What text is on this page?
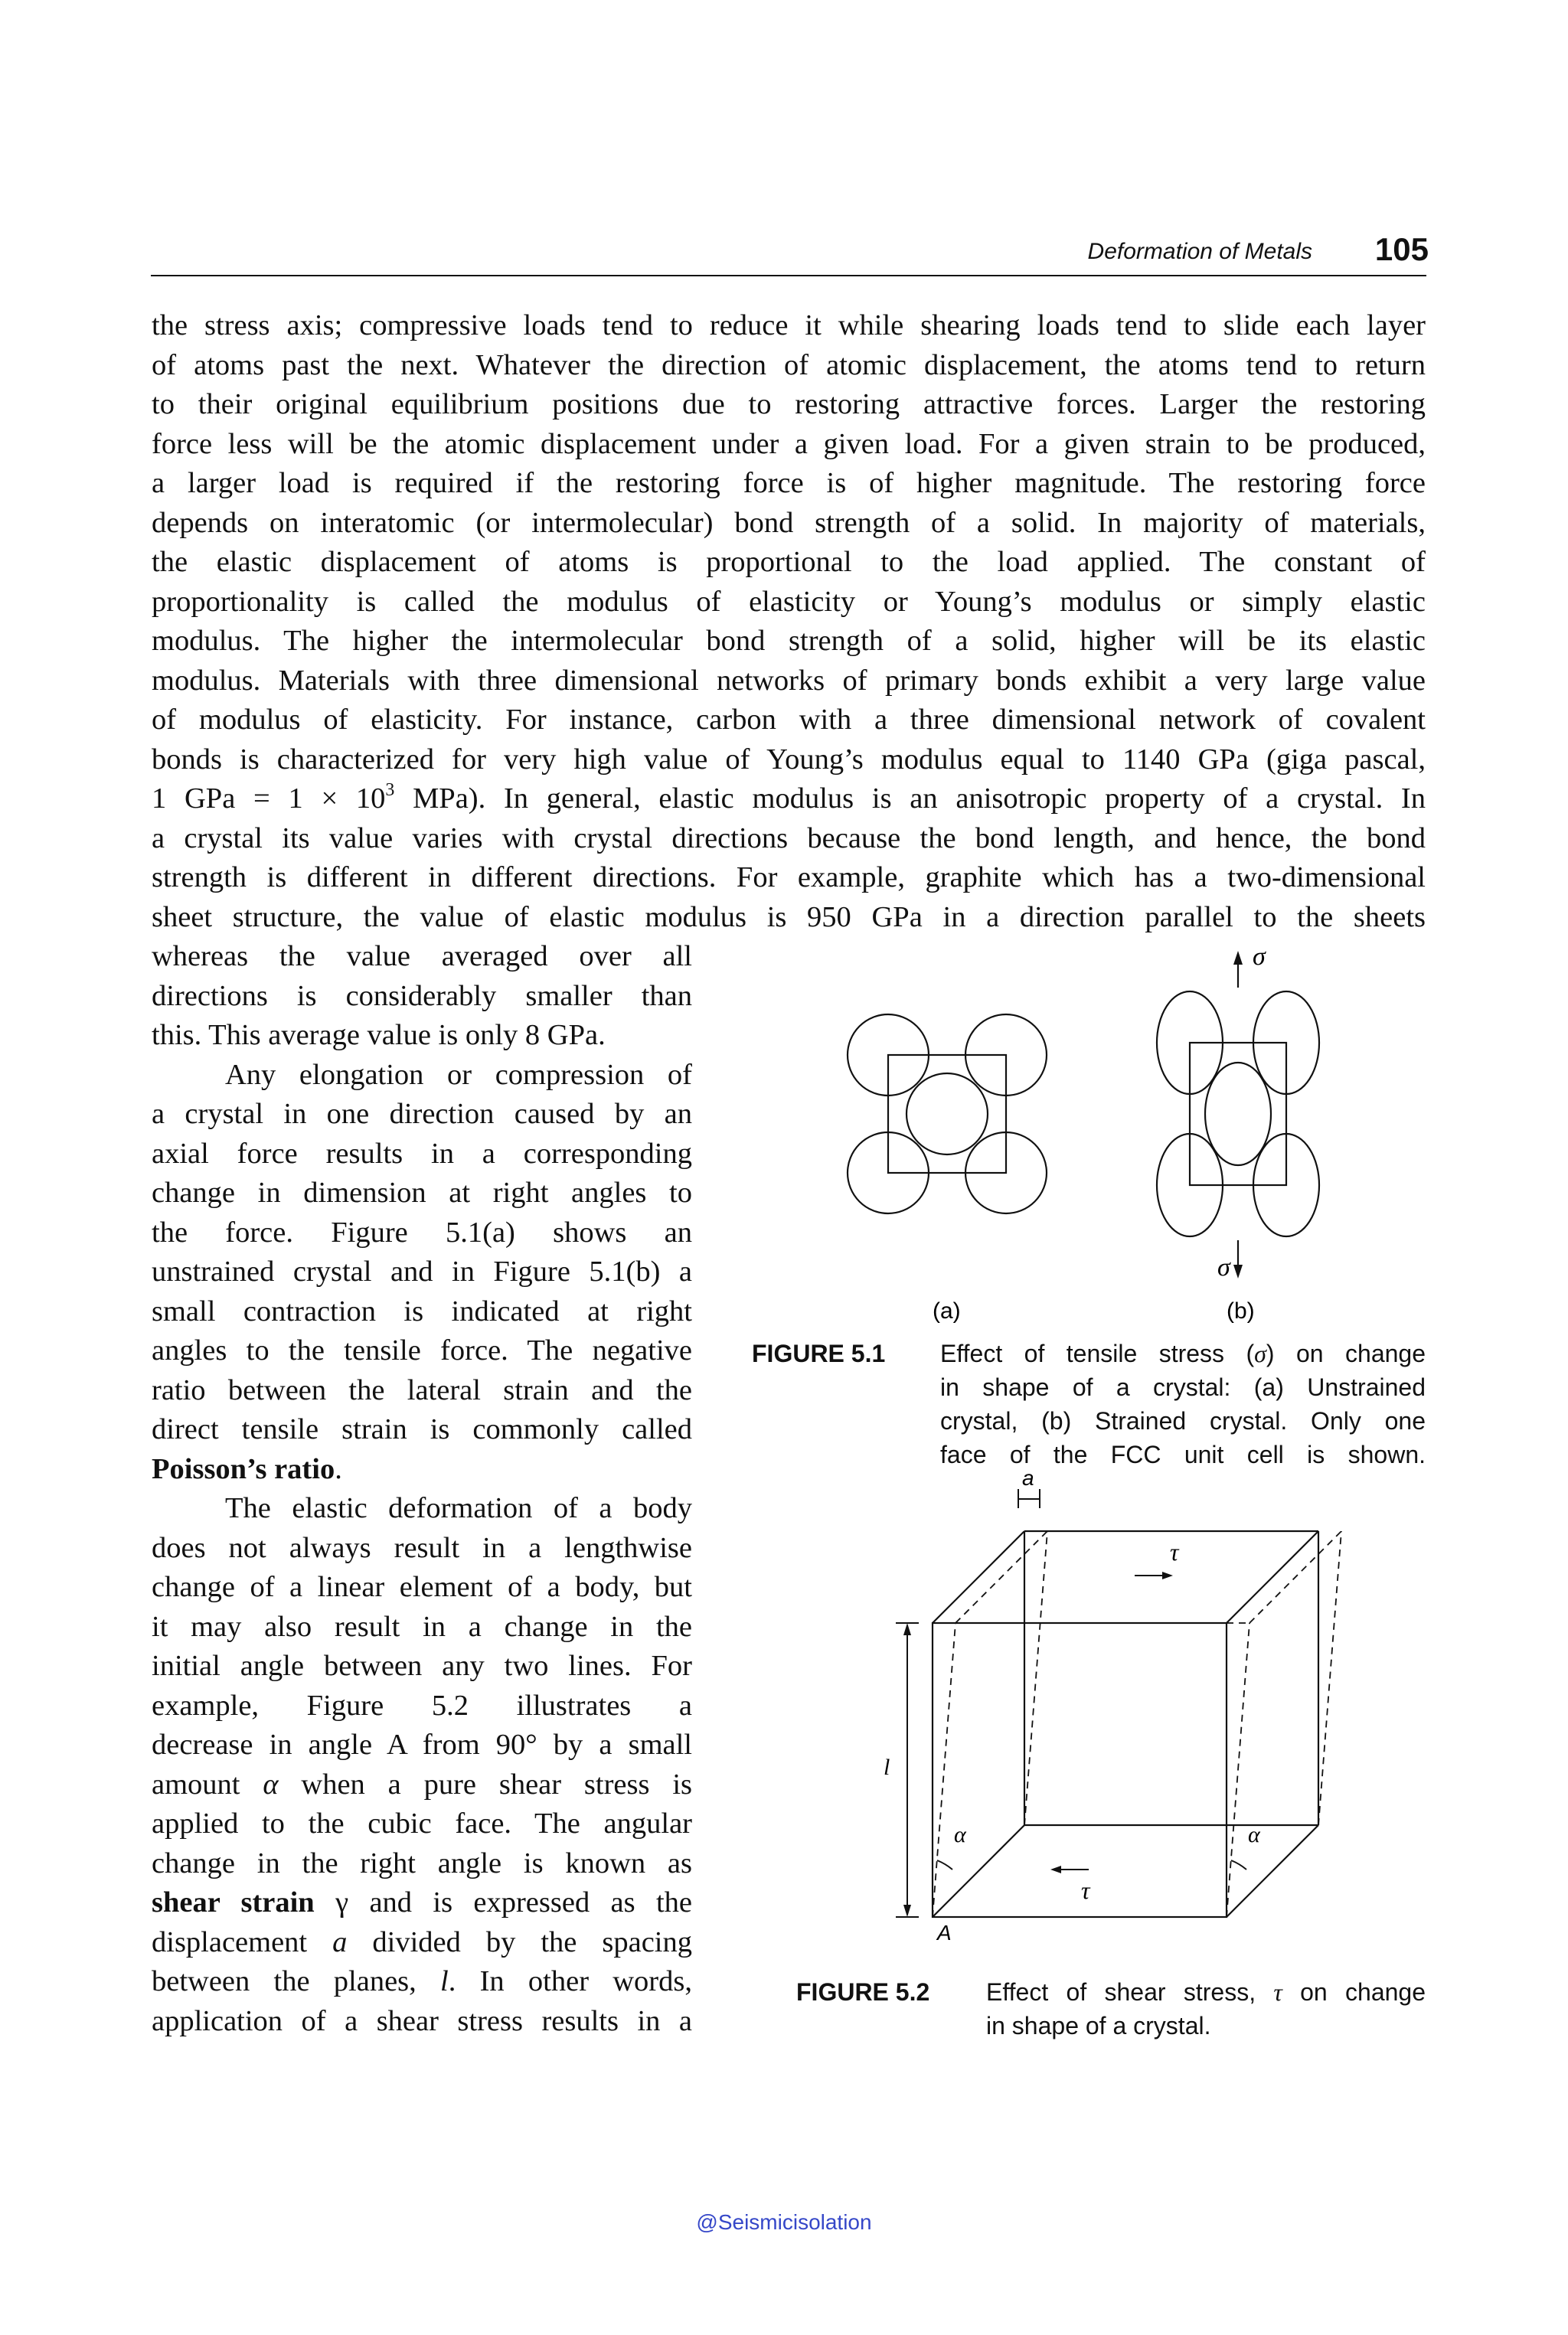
Deformation of Metals 105
the stress axis; compressive loads tend to reduce it while shearing loads tend to slide each layer
of atoms past the next. Whatever the direction of atomic displacement, the atoms tend to return
to their original equilibrium positions due to restoring attractive forces. Larger the restoring
force less will be the atomic displacement under a given load. For a given strain to be produced,
a larger load is required if the restoring force is of higher magnitude. The restoring force
depends on interatomic (or intermolecular) bond strength of a solid. In majority of materials,
the elastic displacement of atoms is proportional to the load applied. The constant of
proportionality is called the modulus of elasticity or Young’s modulus or simply elastic
modulus. The higher the intermolecular bond strength of a solid, higher will be its elastic
modulus. Materials with three dimensional networks of primary bonds exhibit a very large value
of modulus of elasticity. For instance, carbon with a three dimensional network of covalent
bonds is characterized for very high value of Young’s modulus equal to 1140 GPa (giga pascal,
1 GPa = $1 \times 10^3$ MPa). In general, elastic modulus is an anisotropic property of a crystal. In
a crystal its value varies with crystal directions because the bond length, and hence, the bond
strength is different in different directions. For example, graphite which has a two-dimensional
sheet structure, the value of elastic modulus is 950 GPa in a direction parallel to the sheets
whereas the value averaged over all
directions is considerably smaller than
this. This average value is only 8 GPa.
Any elongation or compression of
a crystal in one direction caused by an
axial force results in a corresponding
change in dimension at right angles to
the force. Figure 5.1(a) shows an
unstrained crystal and in Figure 5.1(b) a
small contraction is indicated at right
angles to the tensile force. The negative
ratio between the lateral strain and the
direct tensile strain is commonly called
Poisson’s ratio.
The elastic deformation of a body
does not always result in a lengthwise
change of a linear element of a body, but
it may also result in a change in the
initial angle between any two lines. For
example, Figure 5.2 illustrates a
decrease in angle A from 90° by a small
amount α when a pure shear stress is
applied to the cubic face. The angular
change in the right angle is known as
shear strain γ and is expressed as the
displacement a divided by the spacing
between the planes, l. In other words,
application of a shear stress results in a
σ
σ
(a)	(b)
FIGURE 5.1 Effect of tensile stress (σ) on change
in shape of a crystal: (a) Unstrained
crystal, (b) Strained crystal. Only one
face of the FCC unit cell is shown.
a
τ
τ
α	α
A
l
FIGURE 5.2 Effect of shear stress, τ on change
in shape of a crystal.
@Seismicisolation
